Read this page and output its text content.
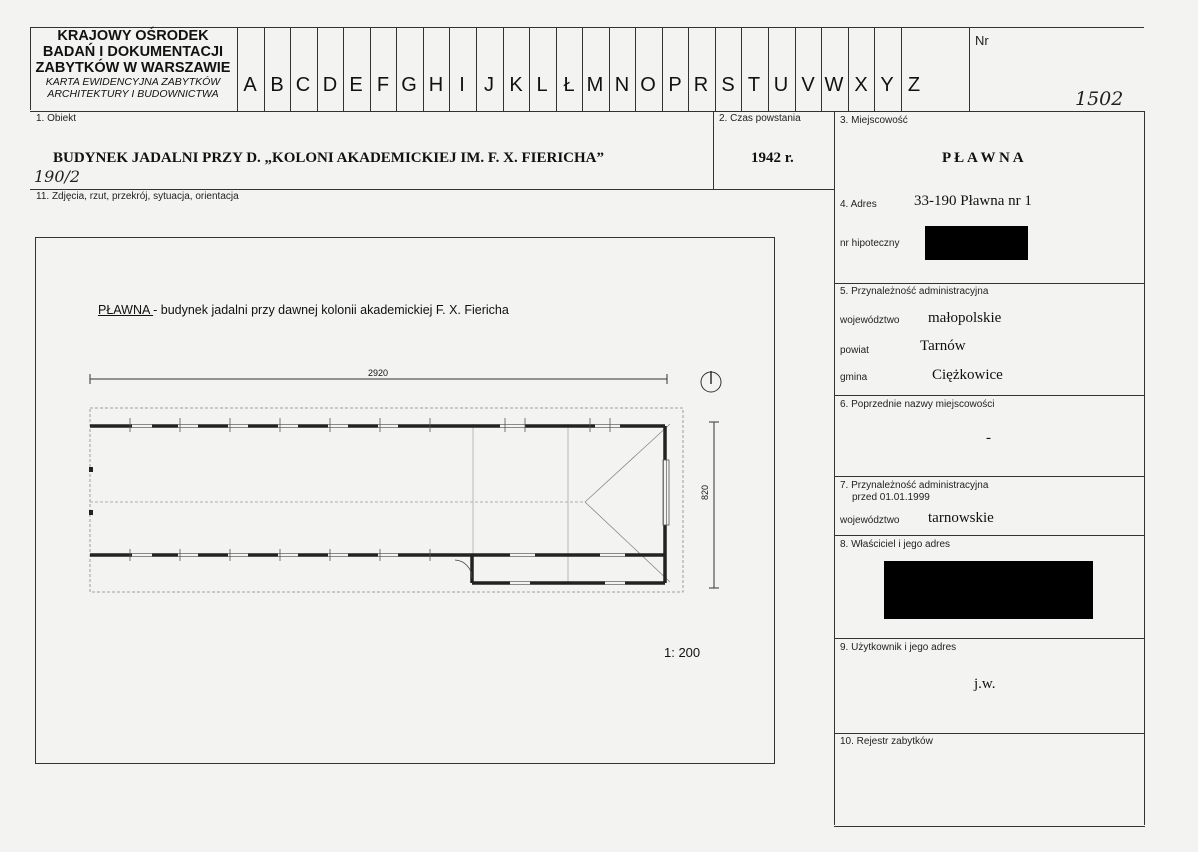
KRAJOWY OŚRODEK
BADAŃ I DOKUMENTACJI
ZABYTKÓW W WARSZAWIE
KARTA EWIDENCYJNA ZABYTKÓW
ARCHITEKTURY I BUDOWNICTWA	A B C D E F G H I J K L Ł M N O P R S T U V W X Y Z
Nr
1502
1. Obiekt
BUDYNEK JADALNI PRZY D. „KOLONI AKADEMICKIEJ IM. F. X. FIERICHA”
190/2
2. Czas powstania
1942 r.
3. Miejscowość
P Ł A W N A
11. Zdjęcia, rzut, przekrój, sytuacja, orientacja
PŁAWNA - budynek jadalni przy dawnej kolonii akademickiej F. X. Fiericha
2920
820
1: 200
4. Adres 33-190 Pławna nr 1
nr hipoteczny
5. Przynależność administracyjna
województwo małopolskie
powiat	Tarnów
gmina	Ciężkowice
6. Poprzednie nazwy miejscowości
-
7. Przynależność administracyjna
przed 01.01.1999
województwo tarnowskie
8. Właściciel i jego adres
9. Użytkownik i jego adres
j.w.
10. Rejestr zabytków
